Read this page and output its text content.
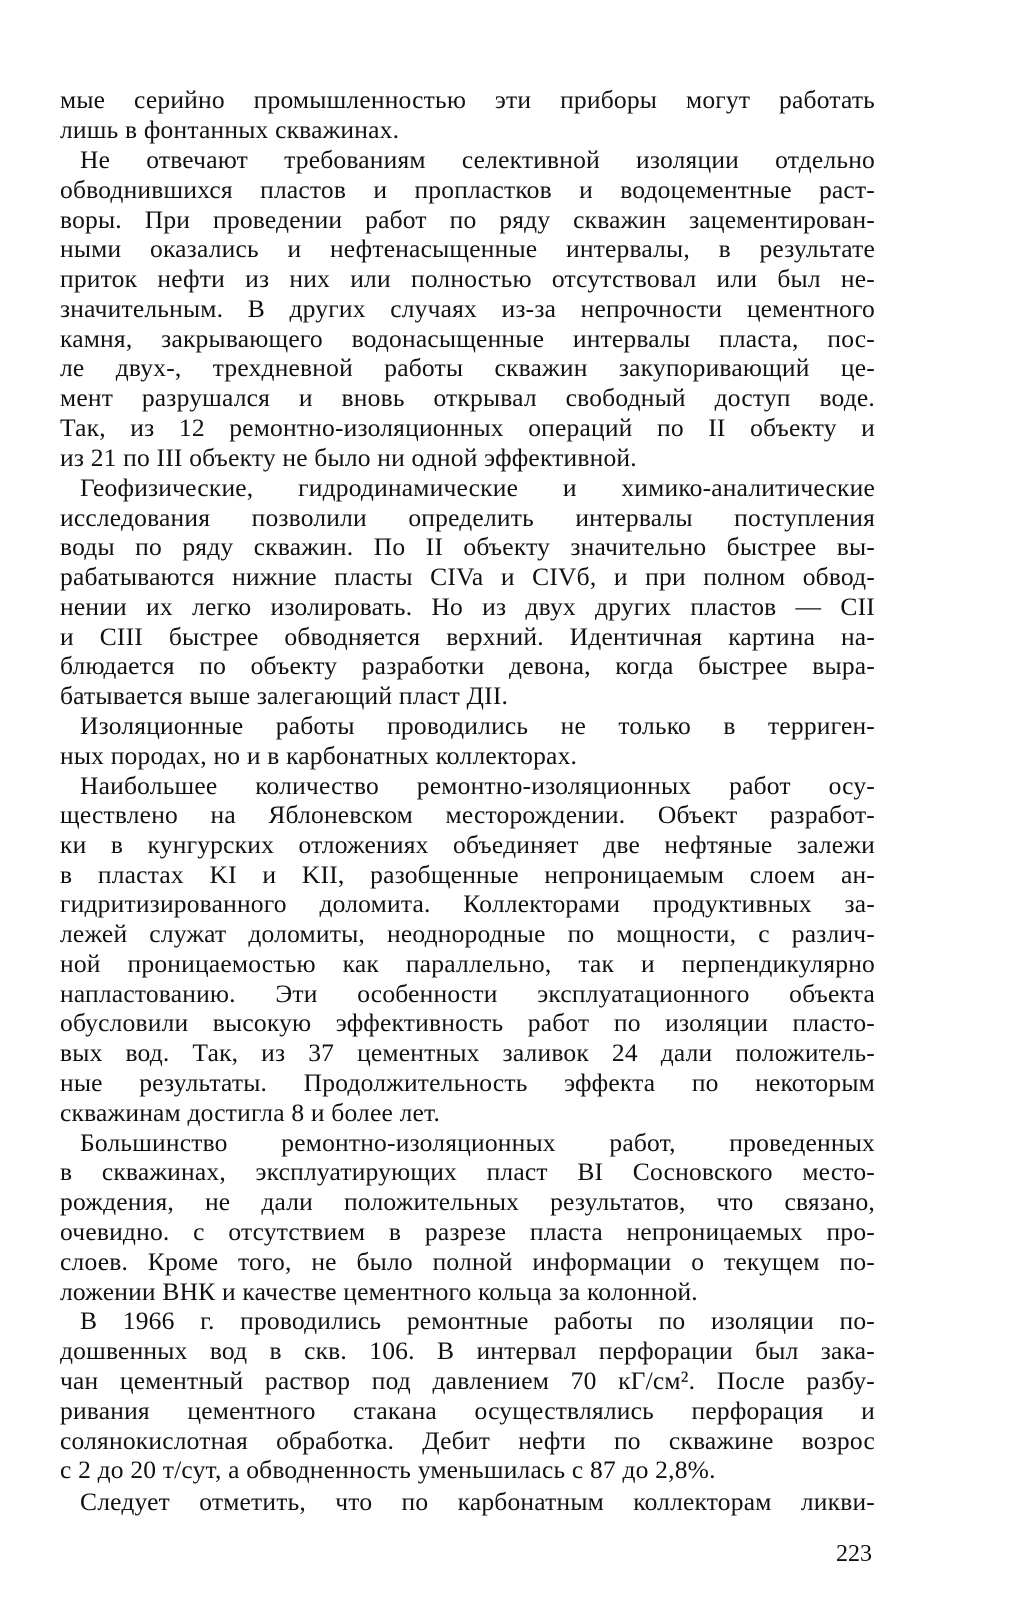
мые серийно промышленностью эти приборы могут работать
лишь в фонтанных скважинах.
Не отвечают требованиям селективной изоляции отдельно
обводнившихся пластов и пропластков и водоцементные раст-
воры. При проведении работ по ряду скважин зацементирован-
ными оказались и нефтенасыщенные интервалы, в результате
приток нефти из них или полностью отсутствовал или был не-
значительным. В других случаях из-за непрочности цементного
камня, закрывающего водонасыщенные интервалы пласта, пос-
ле двух-, трехдневной работы скважин закупоривающий це-
мент разрушался и вновь открывал свободный доступ воде.
Так, из 12 ремонтно-изоляционных операций по II объекту и
из 21 по III объекту не было ни одной эффективной.
Геофизические, гидродинамические и химико-аналитические
исследования позволили определить интервалы поступления
воды по ряду скважин. По II объекту значительно быстрее вы-
рабатываются нижние пласты CIVa и CIVб, и при полном обвод-
нении их легко изолировать. Но из двух других пластов — CII
и CIII быстрее обводняется верхний. Идентичная картина на-
блюдается по объекту разработки девона, когда быстрее выра-
батывается выше залегающий пласт ДII.
Изоляционные работы проводились не только в терриген-
ных породах, но и в карбонатных коллекторах.
Наибольшее количество ремонтно-изоляционных работ осу-
ществлено на Яблоневском месторождении. Объект разработ-
ки в кунгурских отложениях объединяет две нефтяные залежи
в пластах KI и KII, разобщенные непроницаемым слоем ан-
гидритизированного доломита. Коллекторами продуктивных за-
лежей служат доломиты, неоднородные по мощности, с различ-
ной проницаемостью как параллельно, так и перпендикулярно
напластованию. Эти особенности эксплуатационного объекта
обусловили высокую эффективность работ по изоляции пласто-
вых вод. Так, из 37 цементных заливок 24 дали положитель-
ные результаты. Продолжительность эффекта по некоторым
скважинам достигла 8 и более лет.
Большинство ремонтно-изоляционных работ, проведенных
в скважинах, эксплуатирующих пласт BI Сосновского место-
рождения, не дали положительных результатов, что связано,
очевидно. с отсутствием в разрезе пласта непроницаемых про-
слоев. Кроме того, не было полной информации о текущем по-
ложении ВНК и качестве цементного кольца за колонной.
В 1966 г. проводились ремонтные работы по изоляции по-
дошвенных вод в скв. 106. В интервал перфорации был зака-
чан цементный раствор под давлением 70 кГ/см². После разбу-
ривания цементного стакана осуществлялись перфорация и
солянокислотная обработка. Дебит нефти по скважине возрос
с 2 до 20 т/сут, а обводненность уменьшилась с 87 до 2,8%.
Следует отметить, что по карбонатным коллекторам ликви-
223
